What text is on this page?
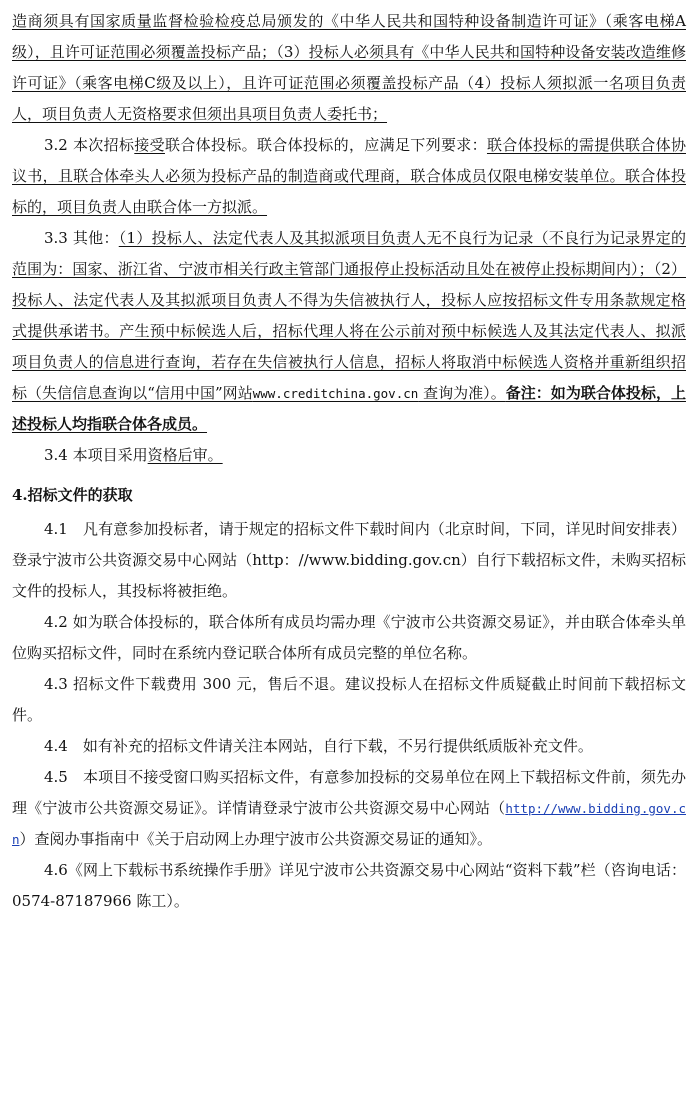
造商须具有国家质量监督检验检疫总局颁发的《中华人民共和国特种设备制造许可证》（乘客电梯A级），且许可证范围必须覆盖投标产品；（3）投标人必须具有《中华人民共和国特种设备安装改造维修许可证》（乘客电梯C级及以上），且许可证范围必须覆盖投标产品（4）投标人须拟派一名项目负责人，项目负责人无资格要求但须出具项目负责人委托书；

3.2 本次招标接受联合体投标。联合体投标的，应满足下列要求：联合体投标的需提供联合体协议书，且联合体牵头人必须为投标产品的制造商或代理商，联合体成员仅限电梯安装单位。联合体投标的，项目负责人由联合体一方拟派。

3.3 其他：（1）投标人、法定代表人及其拟派项目负责人无不良行为记录（不良行为记录界定的范围为：国家、浙江省、宁波市相关行政主管部门通报停止投标活动且处在被停止投标期间内）；（2）投标人、法定代表人及其拟派项目负责人不得为失信被执行人，投标人应按招标文件专用条款规定格式提供承诺书。产生预中标候选人后，招标代理人将在公示前对预中标候选人及其法定代表人、拟派项目负责人的信息进行查询，若存在失信被执行人信息，招标人将取消中标候选人资格并重新组织招标（失信信息查询以“信用中国”网站www.creditchina.gov.cn 查询为准）。备注：如为联合体投标，上述投标人均指联合体各成员。

3.4 本项目采用资格后审。

4.招标文件的获取

4.1　凡有意参加投标者，请于规定的招标文件下载时间内（北京时间，下同，详见时间安排表）登录宁波市公共资源交易中心网站（http：//www.bidding.gov.cn）自行下载招标文件，未购买招标文件的投标人，其投标将被拒绝。

4.2 如为联合体投标的，联合体所有成员均需办理《宁波市公共资源交易证》，并由联合体牵头单位购买招标文件，同时在系统内登记联合体所有成员完整的单位名称。

4.3 招标文件下载费用 300 元，售后不退。建议投标人在招标文件质疑截止时间前下载招标文件。

4.4　如有补充的招标文件请关注本网站，自行下载，不另行提供纸质版补充文件。

4.5　本项目不接受窗口购买招标文件，有意参加投标的交易单位在网上下载招标文件前，须先办理《宁波市公共资源交易证》。详情请登录宁波市公共资源交易中心网站（http://www.bidding.gov.cn）查阅办事指南中《关于启动网上办理宁波市公共资源交易证的通知》。

4.6《网上下载标书系统操作手册》详见宁波市公共资源交易中心网站“资料下载”栏（咨询电话：0574-87187966 陈工）。
